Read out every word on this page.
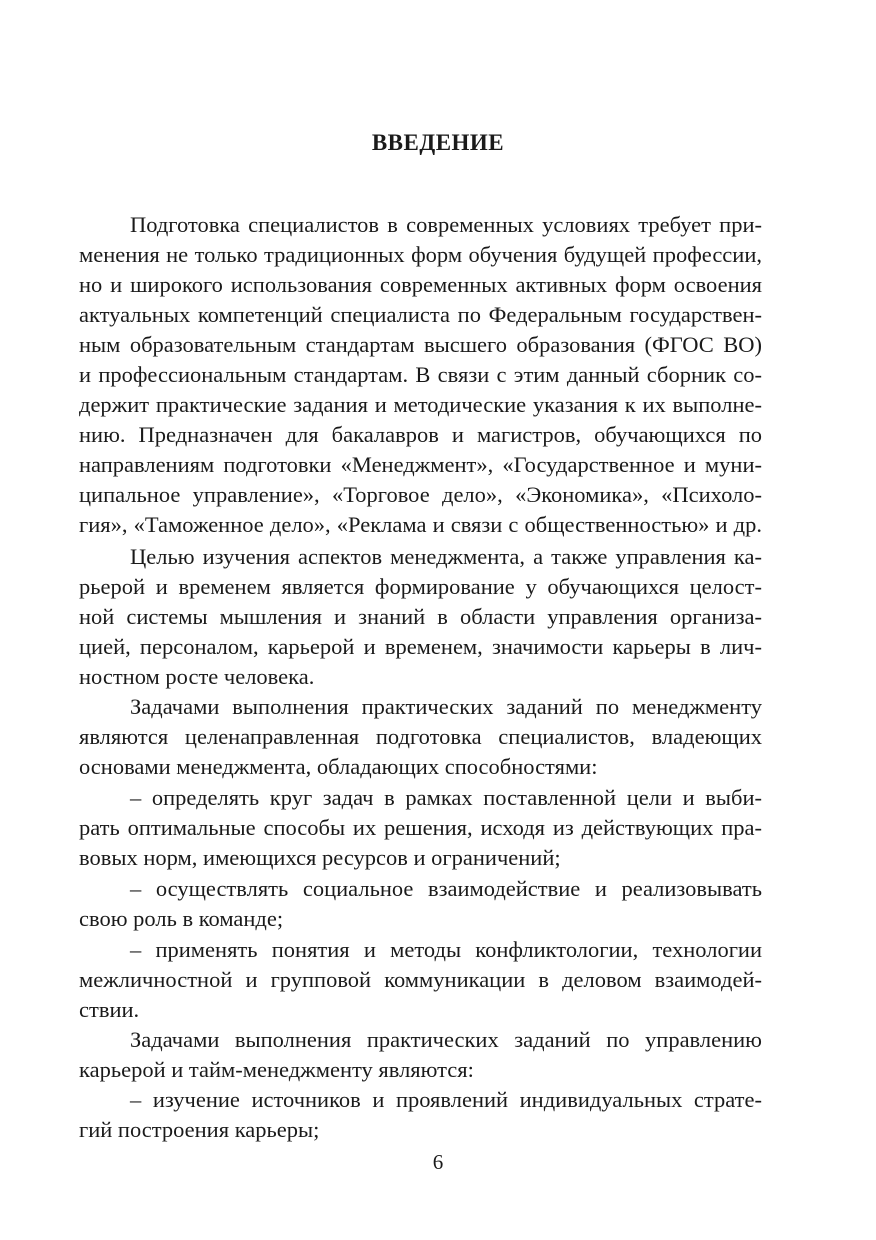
ВВЕДЕНИЕ
Подготовка специалистов в современных условиях требует при-
менения не только традиционных форм обучения будущей профессии,
но и широкого использования современных активных форм освоения
актуальных компетенций специалиста по Федеральным государствен-
ным образовательным стандартам высшего образования (ФГОС ВО)
и профессиональным стандартам. В связи с этим данный сборник со-
держит практические задания и методические указания к их выполне-
нию. Предназначен для бакалавров и магистров, обучающихся по
направлениям подготовки «Менеджмент», «Государственное и муни-
ципальное управление», «Торговое дело», «Экономика», «Психоло-
гия», «Таможенное дело», «Реклама и связи с общественностью» и др.
Целью изучения аспектов менеджмента, а также управления ка-
рьерой и временем является формирование у обучающихся целост-
ной системы мышления и знаний в области управления организа-
цией, персоналом, карьерой и временем, значимости карьеры в лич-
ностном росте человека.
Задачами выполнения практических заданий по менеджменту
являются целенаправленная подготовка специалистов, владеющих
основами менеджмента, обладающих способностями:
– определять круг задач в рамках поставленной цели и выби-
рать оптимальные способы их решения, исходя из действующих пра-
вовых норм, имеющихся ресурсов и ограничений;
– осуществлять социальное взаимодействие и реализовывать
свою роль в команде;
– применять понятия и методы конфликтологии, технологии
межличностной и групповой коммуникации в деловом взаимодей-
ствии.
Задачами выполнения практических заданий по управлению
карьерой и тайм-менеджменту являются:
– изучение источников и проявлений индивидуальных страте-
гий построения карьеры;
6
